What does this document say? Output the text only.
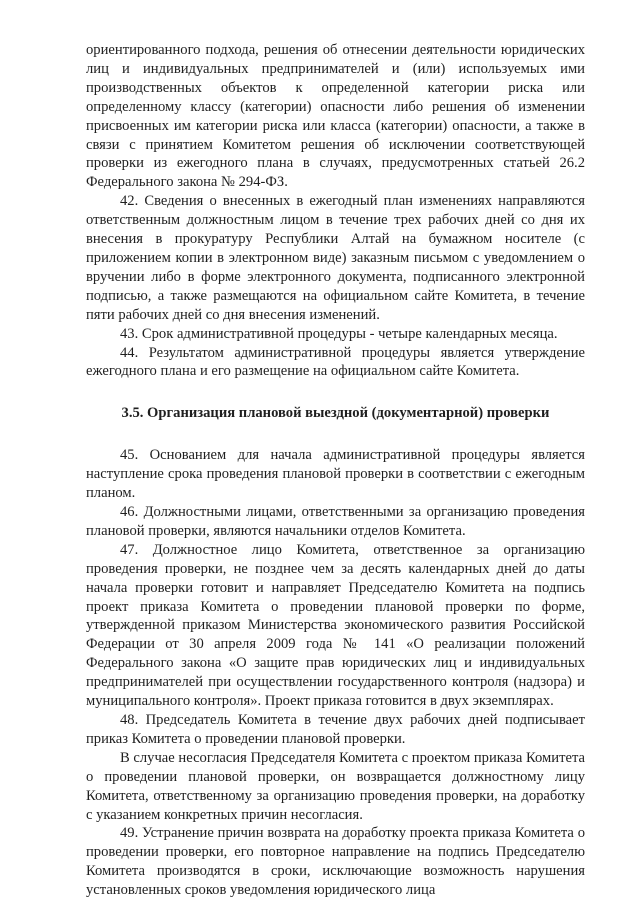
ориентированного подхода, решения об отнесении деятельности юридических лиц и индивидуальных предпринимателей и (или) используемых ими производственных объектов к определенной категории риска или определенному классу (категории) опасности либо решения об изменении присвоенных им категории риска или класса (категории) опасности, а также в связи с принятием Комитетом решения об исключении соответствующей проверки из ежегодного плана в случаях, предусмотренных статьей 26.2 Федерального закона № 294-ФЗ.

42. Сведения о внесенных в ежегодный план изменениях направляются ответственным должностным лицом в течение трех рабочих дней со дня их внесения в прокуратуру Республики Алтай на бумажном носителе (с приложением копии в электронном виде) заказным письмом с уведомлением о вручении либо в форме электронного документа, подписанного электронной подписью, а также размещаются на официальном сайте Комитета, в течение пяти рабочих дней со дня внесения изменений.

43. Срок административной процедуры - четыре календарных месяца.

44. Результатом административной процедуры является утверждение ежегодного плана и его размещение на официальном сайте Комитета.

3.5. Организация плановой выездной (документарной) проверки

45. Основанием для начала административной процедуры является наступление срока проведения плановой проверки в соответствии с ежегодным планом.

46. Должностными лицами, ответственными за организацию проведения плановой проверки, являются начальники отделов Комитета.

47. Должностное лицо Комитета, ответственное за организацию проведения проверки, не позднее чем за десять календарных дней до даты начала проверки готовит и направляет Председателю Комитета на подпись проект приказа Комитета о проведении плановой проверки по форме, утвержденной приказом Министерства экономического развития Российской Федерации от 30 апреля 2009 года № 141 «О реализации положений Федерального закона «О защите прав юридических лиц и индивидуальных предпринимателей при осуществлении государственного контроля (надзора) и муниципального контроля». Проект приказа готовится в двух экземплярах.

48. Председатель Комитета в течение двух рабочих дней подписывает приказ Комитета о проведении плановой проверки.

В случае несогласия Председателя Комитета с проектом приказа Комитета о проведении плановой проверки, он возвращается должностному лицу Комитета, ответственному за организацию проведения проверки, на доработку с указанием конкретных причин несогласия.

49. Устранение причин возврата на доработку проекта приказа Комитета о проведении проверки, его повторное направление на подпись Председателю Комитета производятся в сроки, исключающие возможность нарушения установленных сроков уведомления юридического лица
